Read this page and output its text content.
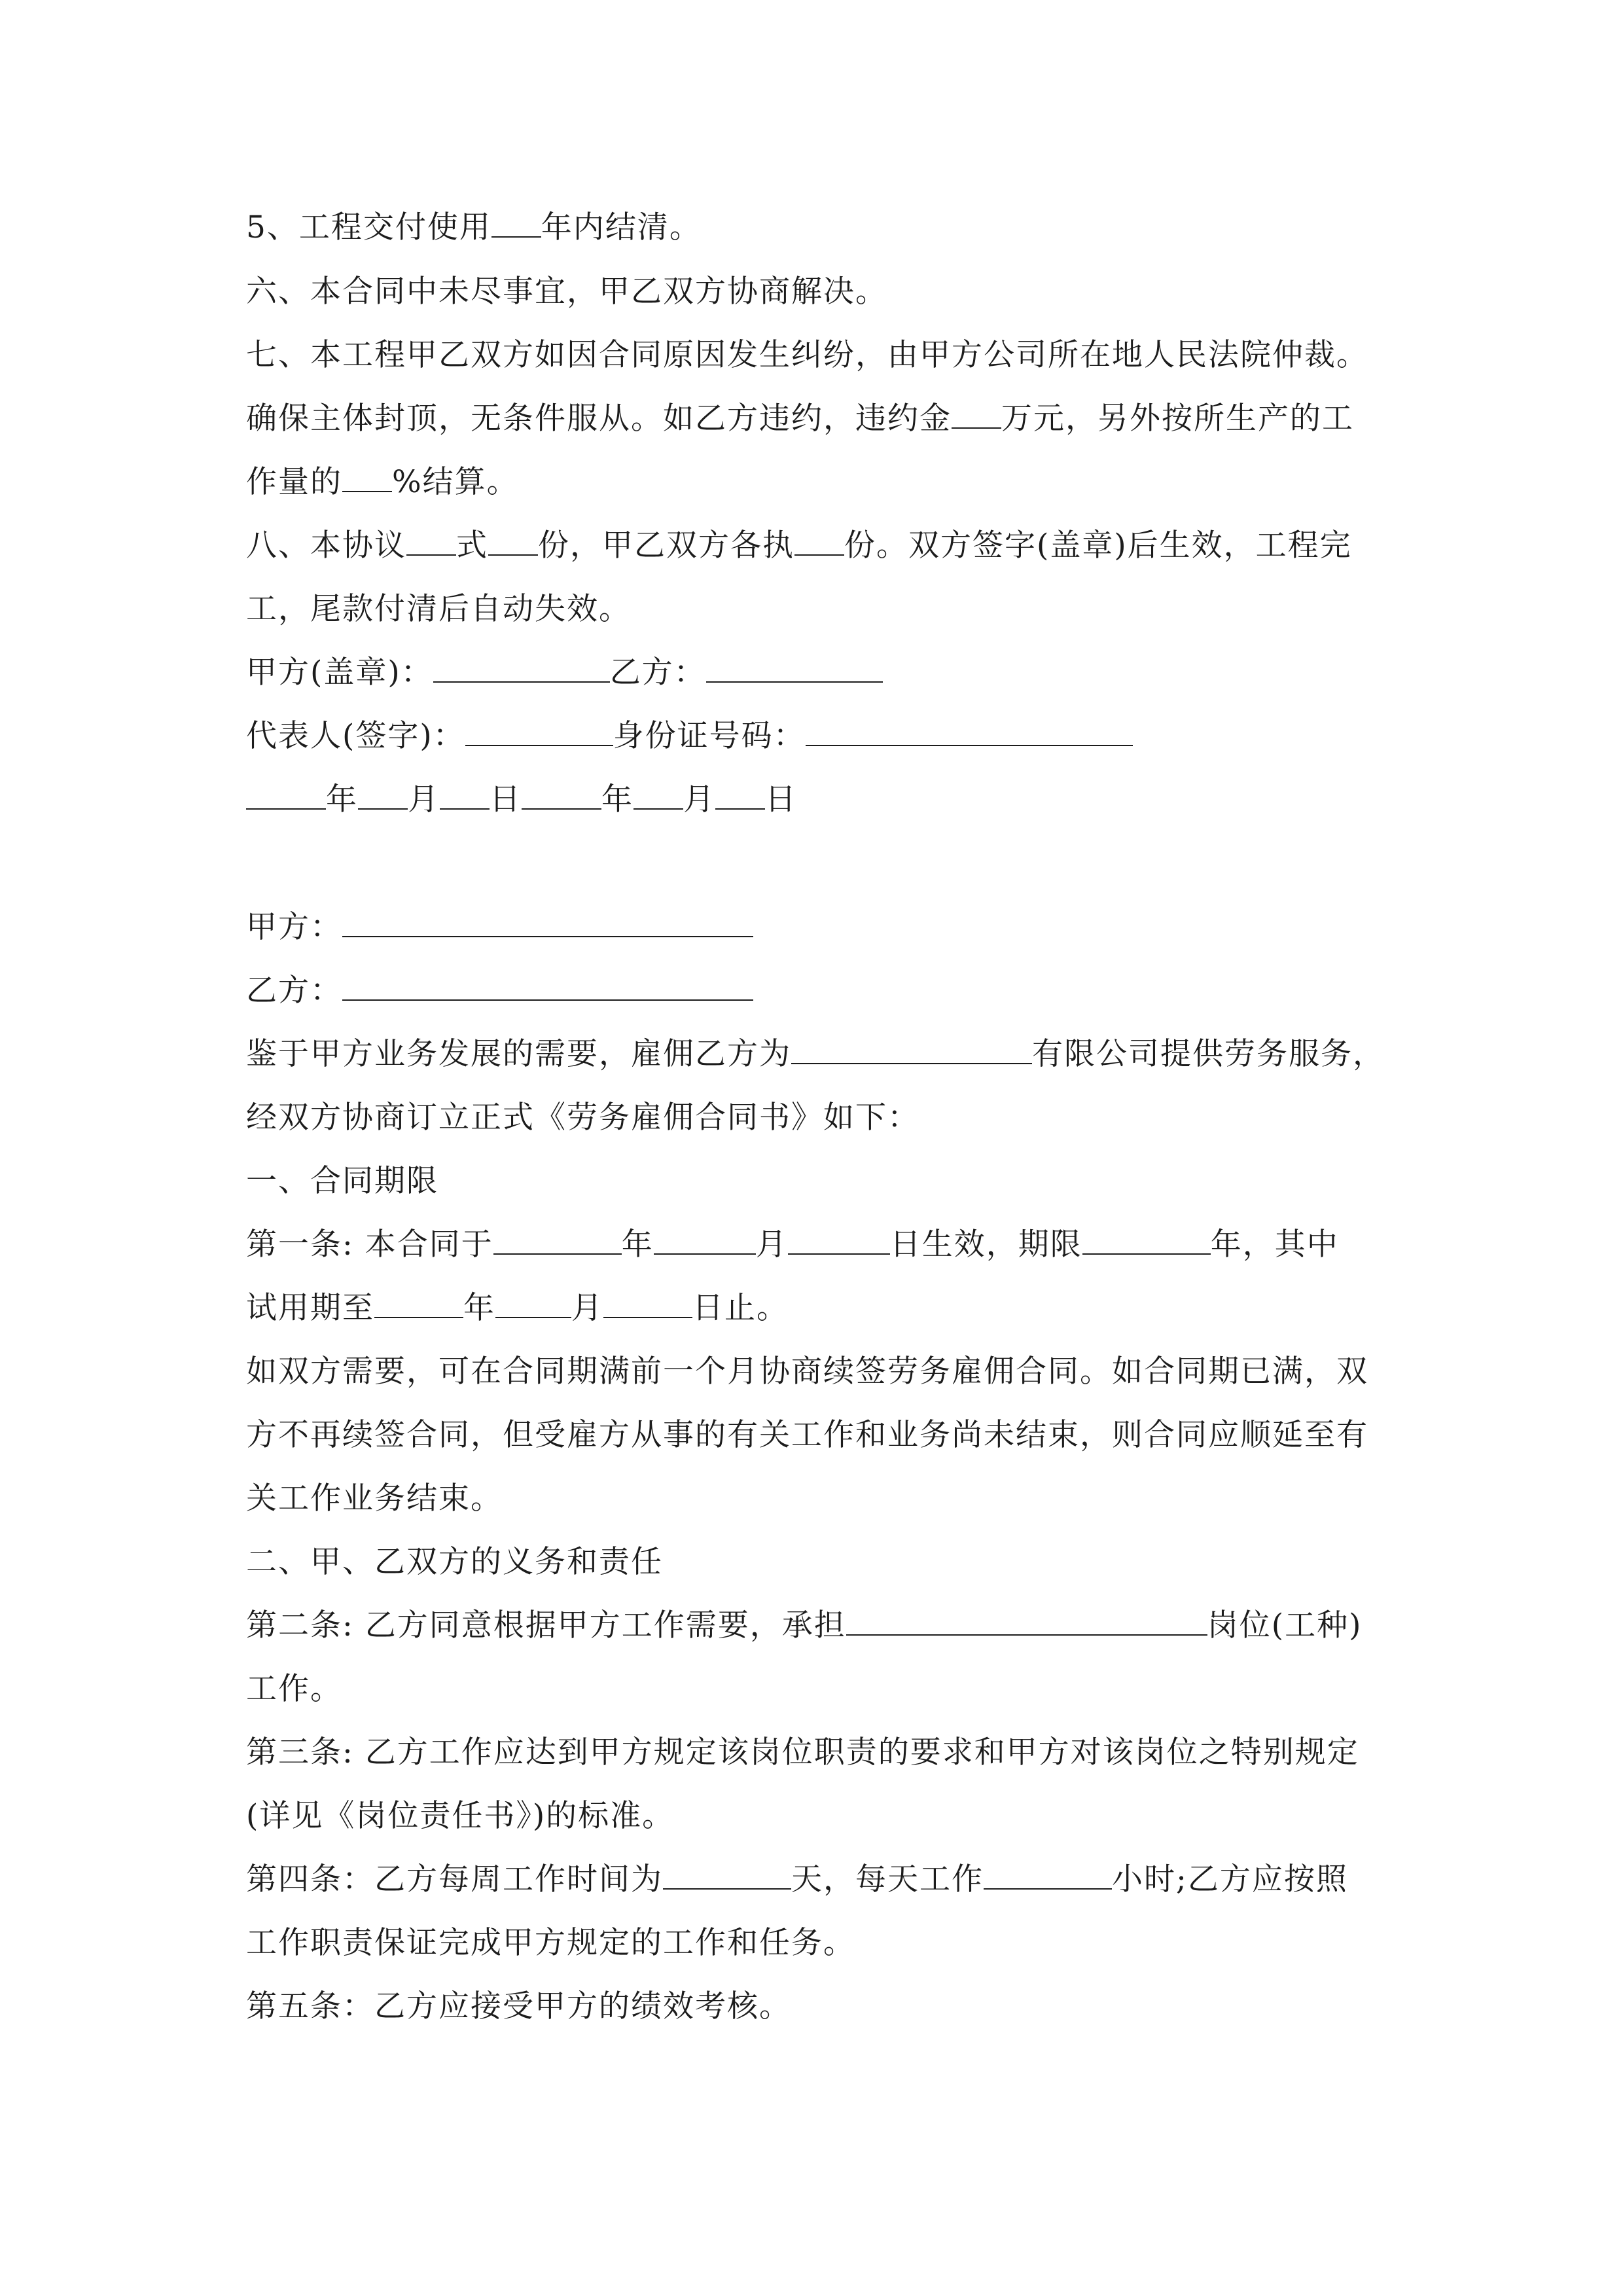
5、工程交付使用 年内结清。

六、本合同中未尽事宜，甲乙双方协商解决。

七、本工程甲乙双方如因合同原因发生纠纷，由甲方公司所在地人民法院仲裁。

确保主体封顶，无条件服从。如乙方违约，违约金 万元，另外按所生产的工

作量的 %结算。

八、本协议 式 份，甲乙双方各执 份。双方签字(盖章)后生效，工程完

工，尾款付清后自动失效。

甲方(盖章)：	乙方：

代表人(签字)：	身份证号码：

年 月 日	年 月 日

甲方：

乙方：

鉴于甲方业务发展的需要，雇佣乙方为	有限公司提供劳务服务，

经双方协商订立正式《劳务雇佣合同书》如下：

一、合同期限

第一条: 本合同于	年	月	日生效，期限	年，其中

试用期至	年 月	日止。

如双方需要，可在合同期满前一个月协商续签劳务雇佣合同。如合同期已满，双

方不再续签合同，但受雇方从事的有关工作和业务尚未结束，则合同应顺延至有

关工作业务结束。

二、甲、乙双方的义务和责任

第二条: 乙方同意根据甲方工作需要，承担	岗位(工种)

工作。

第三条: 乙方工作应达到甲方规定该岗位职责的要求和甲方对该岗位之特别规定

(详见《岗位责任书》)的标准。

第四条：乙方每周工作时间为	天，每天工作	小时;乙方应按照

工作职责保证完成甲方规定的工作和任务。

第五条：乙方应接受甲方的绩效考核。
